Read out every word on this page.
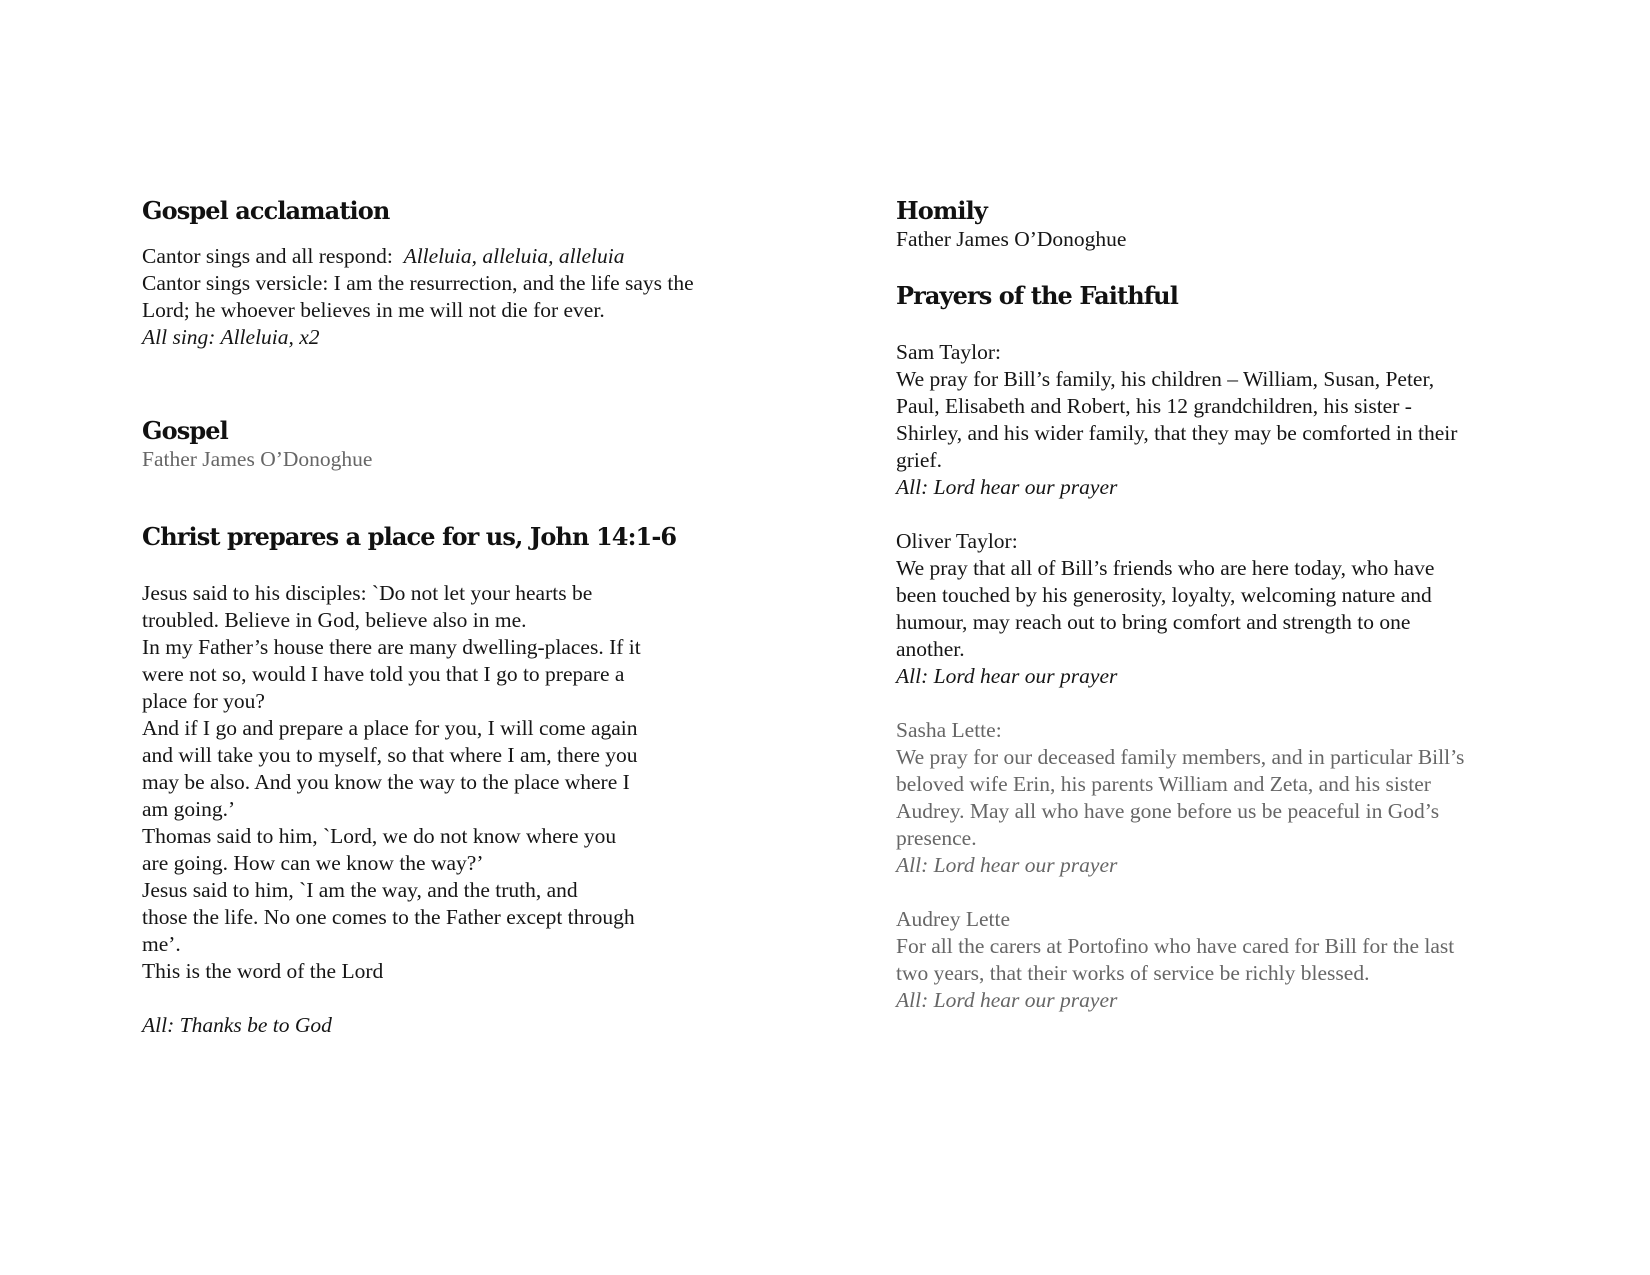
Gospel acclamation
Cantor sings and all respond:  Alleluia, alleluia, alleluia
Cantor sings versicle: I am the resurrection, and the life says the
Lord; he whoever believes in me will not die for ever.
All sing: Alleluia, x2
Gospel
Father James O’Donoghue
Christ prepares a place for us, John 14:1-6
Jesus said to his disciples: `Do not let your hearts be
troubled. Believe in God, believe also in me.
In my Father’s house there are many dwelling-places. If it
were not so, would I have told you that I go to prepare a
place for you?
And if I go and prepare a place for you, I will come again
and will take you to myself, so that where I am, there you
may be also. And you know the way to the place where I
am going.’
Thomas said to him, `Lord, we do not know where you
are going. How can we know the way?’
Jesus said to him, `I am the way, and the truth, and
those the life. No one comes to the Father except through
me’.
This is the word of the Lord
All: Thanks be to God
Homily
Father James O’Donoghue
Prayers of the Faithful
Sam Taylor:
We pray for Bill’s family, his children – William, Susan, Peter,
Paul, Elisabeth and Robert, his 12 grandchildren, his sister -
Shirley, and his wider family, that they may be comforted in their
grief.
All: Lord hear our prayer
Oliver Taylor:
We pray that all of Bill’s friends who are here today, who have
been touched by his generosity, loyalty, welcoming nature and
humour, may reach out to bring comfort and strength to one
another.
All: Lord hear our prayer
Sasha Lette:
We pray for our deceased family members, and in particular Bill’s
beloved wife Erin, his parents William and Zeta, and his sister
Audrey. May all who have gone before us be peaceful in God’s
presence.
All: Lord hear our prayer
Audrey Lette
For all the carers at Portofino who have cared for Bill for the last
two years, that their works of service be richly blessed.
All: Lord hear our prayer
